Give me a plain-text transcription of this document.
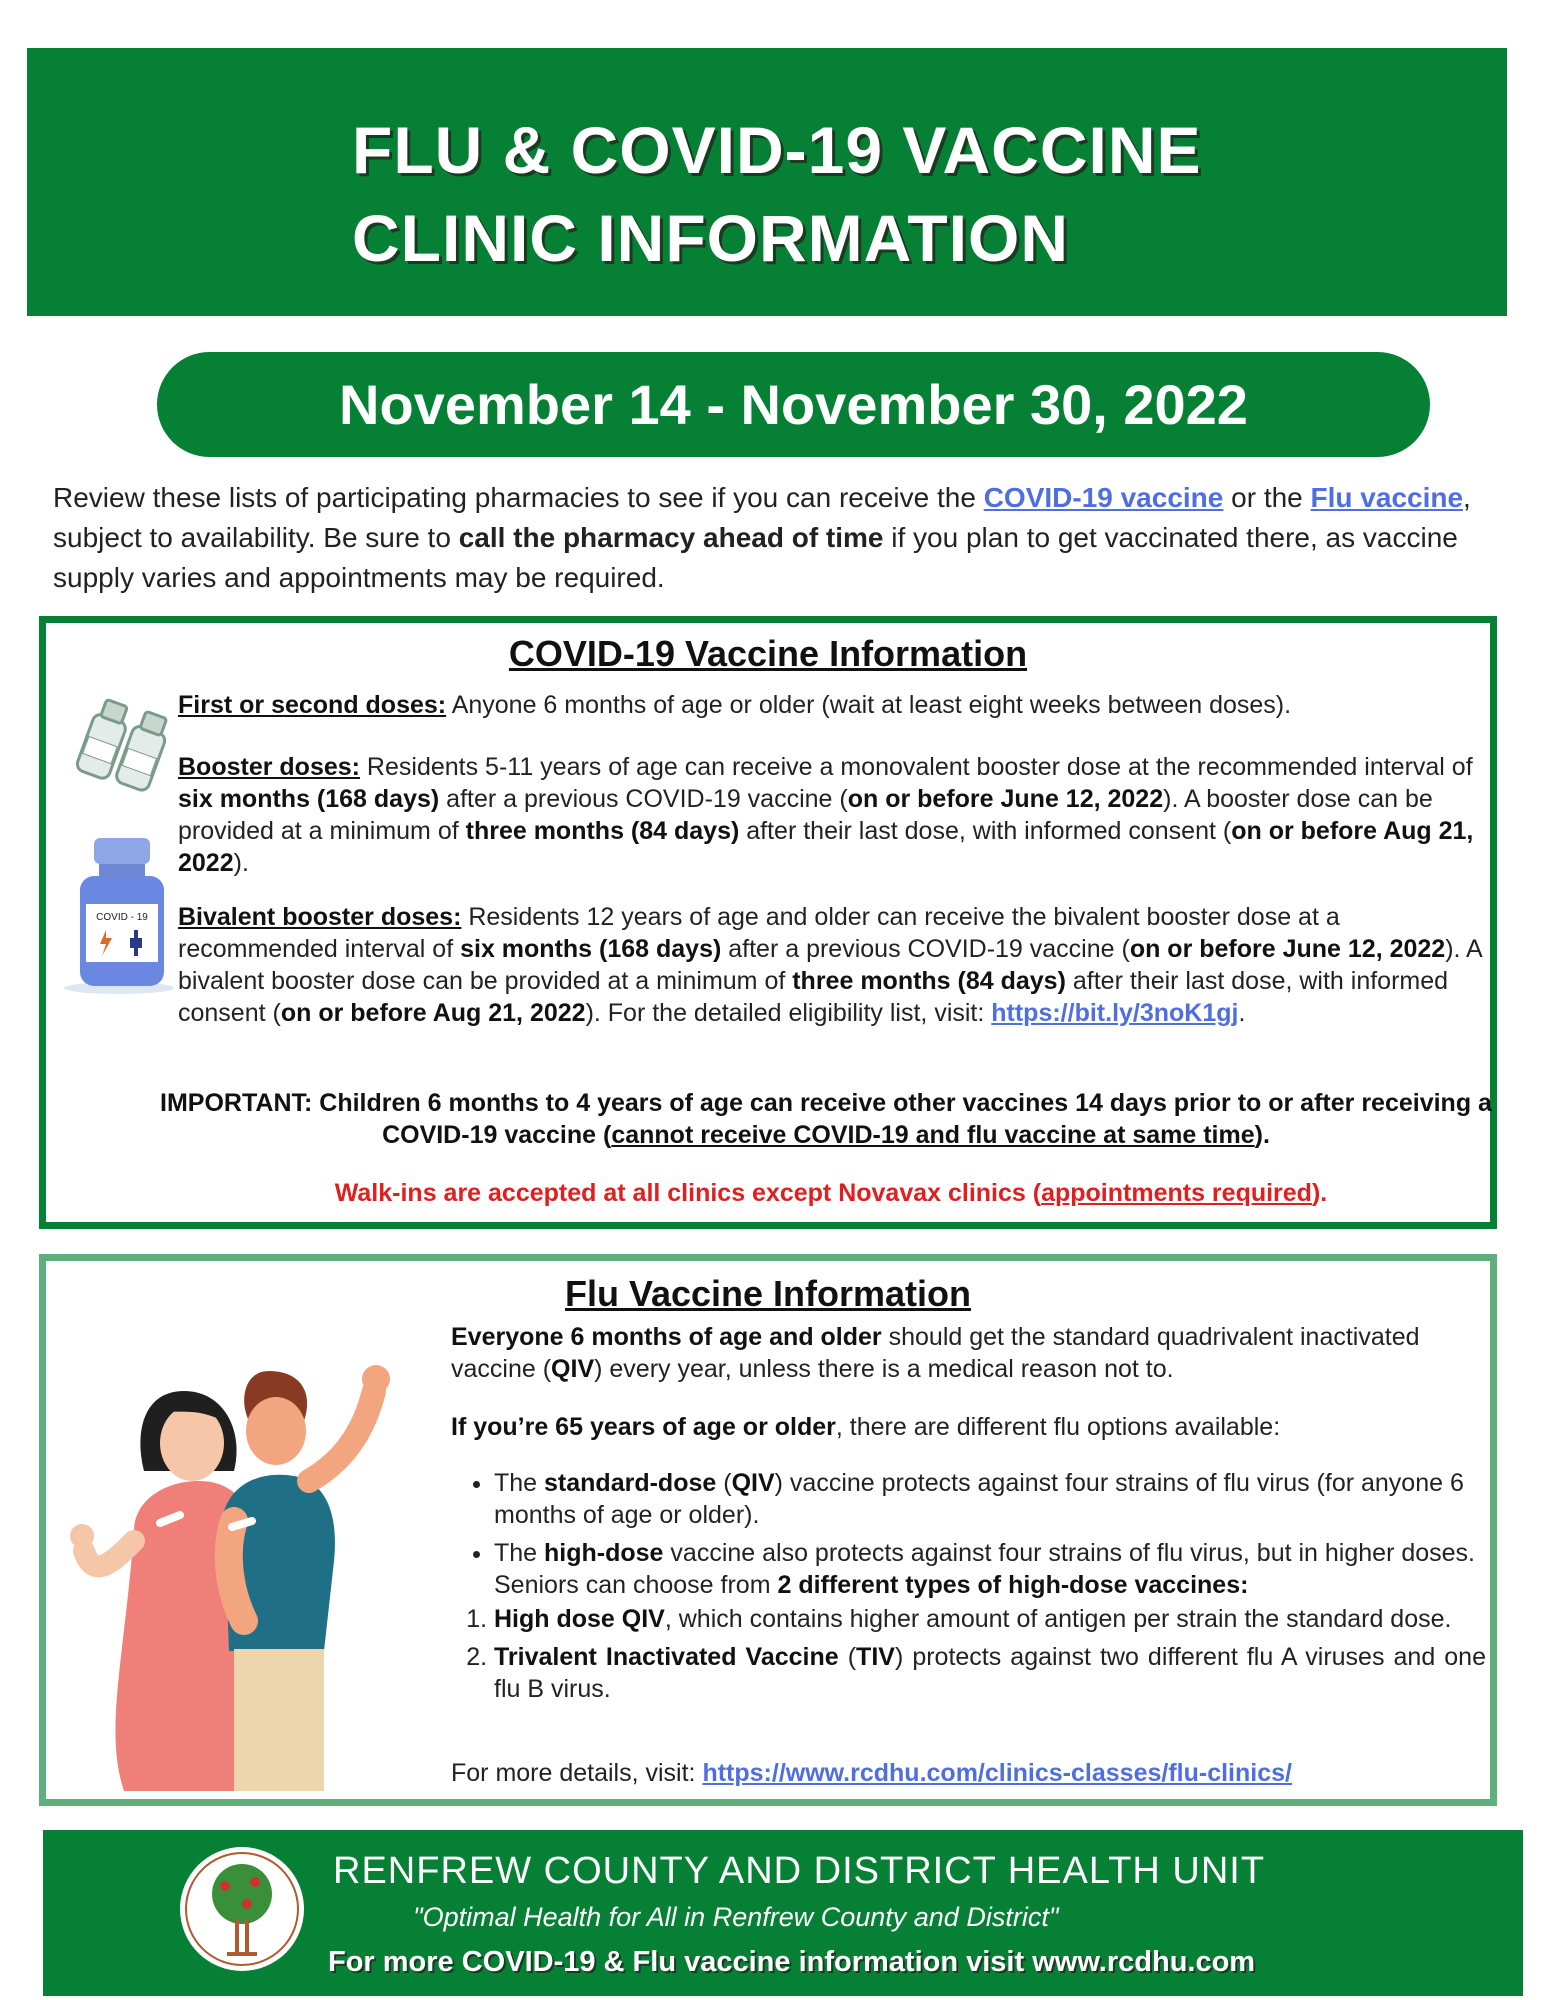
FLU & COVID-19 VACCINE
CLINIC INFORMATION
November 14 - November 30, 2022
Review these lists of participating pharmacies to see if you can receive the COVID-19 vaccine or the Flu vaccine, subject to availability. Be sure to call the pharmacy ahead of time if you plan to get vaccinated there, as vaccine supply varies and appointments may be required.
COVID-19 Vaccine Information
COVID - 19
First or second doses: Anyone 6 months of age or older (wait at least eight weeks between doses).
Booster doses: Residents 5-11 years of age can receive a monovalent booster dose at the recommended interval of six months (168 days) after a previous COVID-19 vaccine (on or before June 12, 2022). A booster dose can be provided at a minimum of three months (84 days) after their last dose, with informed consent (on or before Aug 21, 2022).
Bivalent booster doses: Residents 12 years of age and older can receive the bivalent booster dose at a recommended interval of six months (168 days) after a previous COVID-19 vaccine (on or before June 12, 2022). A bivalent booster dose can be provided at a minimum of three months (84 days) after their last dose, with informed consent (on or before Aug 21, 2022). For the detailed eligibility list, visit: https://bit.ly/3noK1gj.
IMPORTANT: Children 6 months to 4 years of age can receive other vaccines 14 days prior to or after receiving a COVID-19 vaccine (cannot receive COVID-19 and flu vaccine at same time).
Walk-ins are accepted at all clinics except Novavax clinics (appointments required).
Flu Vaccine Information
Everyone 6 months of age and older should get the standard quadrivalent inactivated vaccine (QIV) every year, unless there is a medical reason not to.
If you’re 65 years of age or older, there are different flu options available:
• The standard-dose (QIV) vaccine protects against four strains of flu virus (for anyone 6 months of age or older).
• The high-dose vaccine also protects against four strains of flu virus, but in higher doses. Seniors can choose from 2 different types of high-dose vaccines:
1. High dose QIV, which contains higher amount of antigen per strain the standard dose.
2. Trivalent Inactivated Vaccine (TIV) protects against two different flu A viruses and one flu B virus.
For more details, visit: https://www.rcdhu.com/clinics-classes/flu-clinics/
RENFREW COUNTY AND DISTRICT HEALTH UNIT
"Optimal Health for All in Renfrew County and District"
For more COVID-19 & Flu vaccine information visit www.rcdhu.com
